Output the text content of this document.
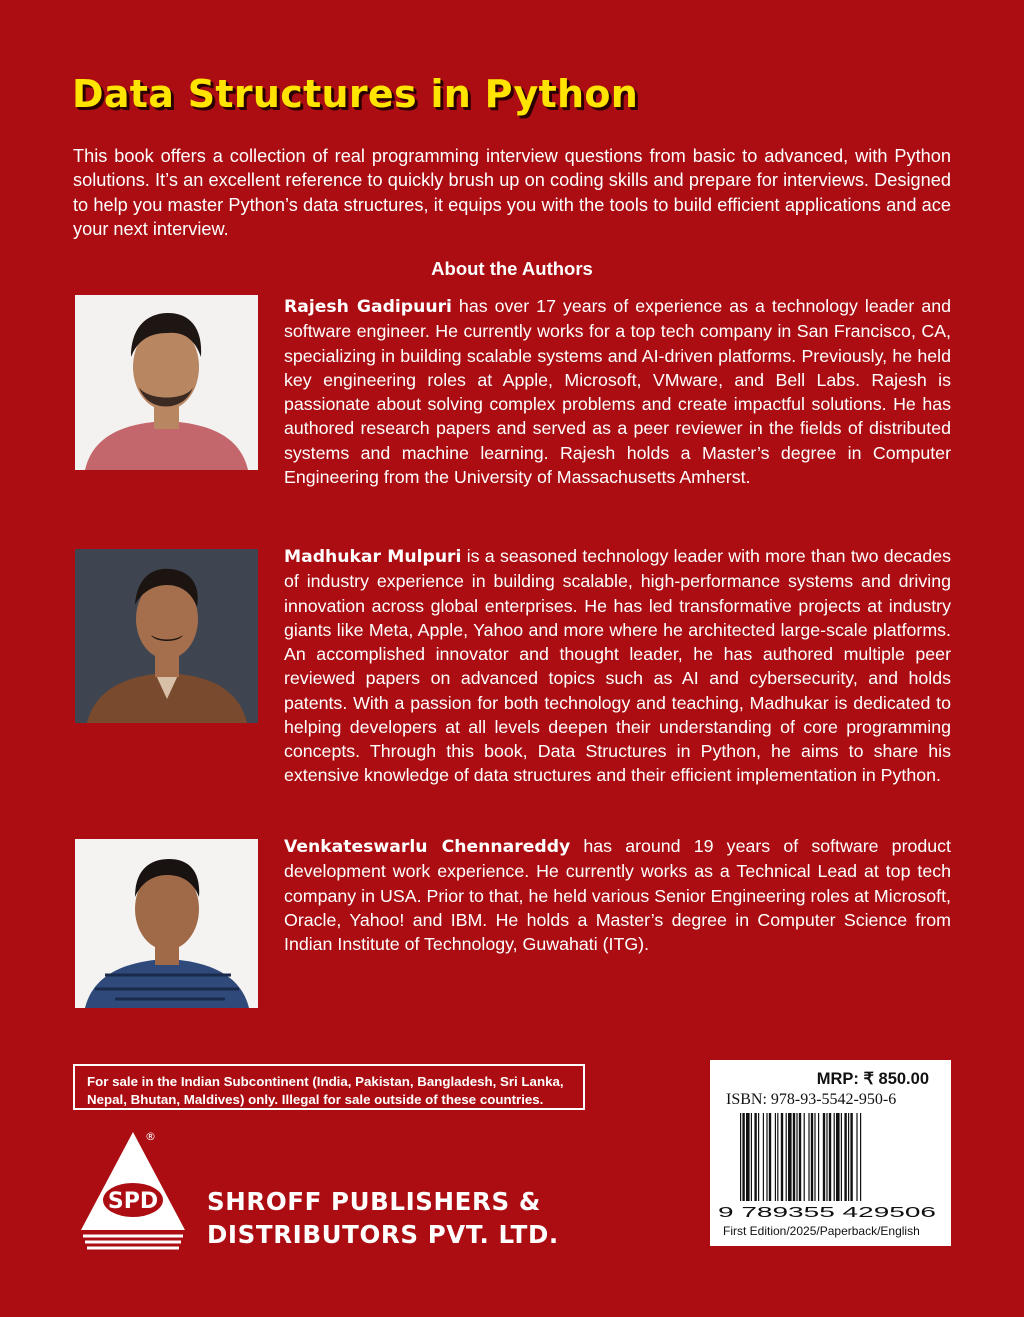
Data Structures in Python

This book offers a collection of real programming interview questions from basic to advanced, with Python solutions. It’s an excellent reference to quickly brush up on coding skills and prepare for interviews. Designed to help you master Python’s data structures, it equips you with the tools to build efficient applications and ace your next interview.

About the Authors

Rajesh Gadipuuri has over 17 years of experience as a technology leader and software engineer. He currently works for a top tech company in San Francisco, CA, specializing in building scalable systems and AI-driven platforms. Previously, he held key engineering roles at Apple, Microsoft, VMware, and Bell Labs. Rajesh is passionate about solving complex problems and create impactful solutions. He has authored research papers and served as a peer reviewer in the fields of distributed systems and machine learning. Rajesh holds a Master’s degree in Computer Engineering from the University of Massachusetts Amherst.

Madhukar Mulpuri is a seasoned technology leader with more than two decades of industry experience in building scalable, high-performance systems and driving innovation across global enterprises. He has led transformative projects at industry giants like Meta, Apple, Yahoo and more where he architected large-scale platforms. An accomplished innovator and thought leader, he has authored multiple peer reviewed papers on advanced topics such as AI and cybersecurity, and holds patents. With a passion for both technology and teaching, Madhukar is dedicated to helping developers at all levels deepen their understanding of core programming concepts. Through this book, Data Structures in Python, he aims to share his extensive knowledge of data structures and their efficient implementation in Python.

Venkateswarlu Chennareddy has around 19 years of software product development work experience. He currently works as a Technical Lead at top tech company in USA. Prior to that, he held various Senior Engineering roles at Microsoft, Oracle, Yahoo! and IBM. He holds a Master’s degree in Computer Science from Indian Institute of Technology, Guwahati (ITG).

For sale in the Indian Subcontinent (India, Pakistan, Bangladesh, Sri Lanka,

Nepal, Bhutan, Maldives) only. Illegal for sale outside of these countries.

SPD
®
SHROFF PUBLISHERS &
DISTRIBUTORS PVT. LTD.

MRP: ₹ 850.00

ISBN: 978-93-5542-950-6

9 789355 429506

First Edition/2025/Paperback/English
